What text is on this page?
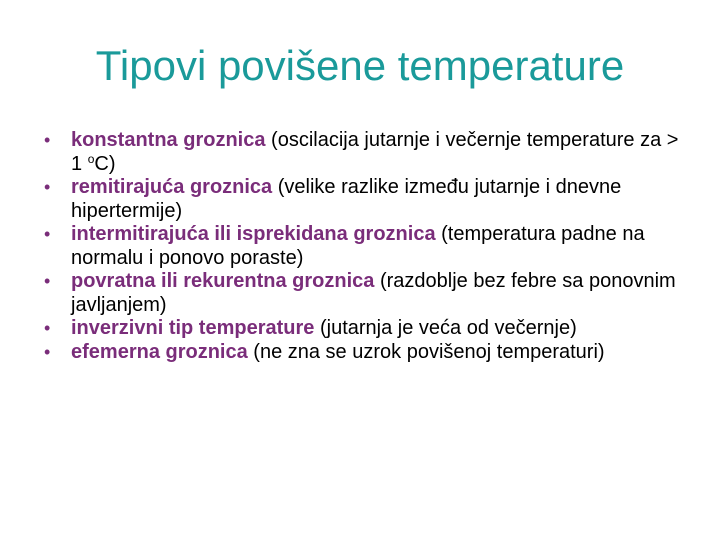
Tipovi povišene temperature
• konstantna groznica (oscilacija jutarnje i večernje temperature za > 1 $^o$C)
• remitirajuća groznica (velike razlike između jutarnje i dnevne hipertermije)
• intermitirajuća ili isprekidana groznica (temperatura padne na normalu i ponovo poraste)
• povratna ili rekurentna groznica (razdoblje bez febre sa ponovnim javljanjem)
• inverzivni tip temperature (jutarnja je veća od večernje)
• efemerna groznica (ne zna se uzrok povišenoj temperaturi)
